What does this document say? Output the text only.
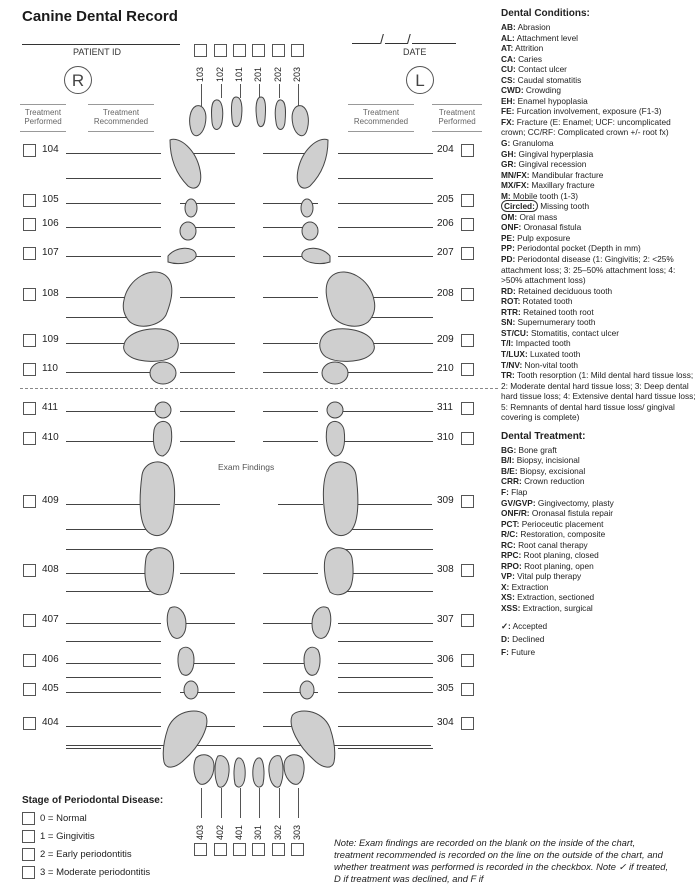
Canine Dental Record
PATIENT ID
/ /
DATE
R	L
Treatment
Performed
Treatment
Recommended
Treatment
Recommended
Treatment
Performed
103 102 101 201 202 203
403 402 401 301 302 303
104	204
105	205
106	206
107	207
108	208
109	209
110	210
411	311
410	310
409	309
408	308
407	307
406	306
405	305
404	304
Exam Findings
Stage of Periodontal Disease:
0 = Normal
1 = Gingivitis
2 = Early periodontitis
3 = Moderate periodontitis
Dental Conditions:
AB: Abrasion
AL: Attachment level
AT: Attrition
CA: Caries
CU: Contact ulcer
CS: Caudal stomatitis
CWD: Crowding
EH: Enamel hypoplasia
FE: Furcation involvement, exposure (F1-3)
FX: Fracture (E: Enamel; UCF: uncomplicated crown; CC/RF: Complicated crown +/- root fx)
G: Granuloma
GH: Gingival hyperplasia
GR: Gingival recession
MN/FX: Mandibular fracture
MX/FX: Maxillary fracture
M: Mobile tooth (1-3)
Circled: Missing tooth
OM: Oral mass
ONF: Oronasal fistula
PE: Pulp exposure
PP: Periodontal pocket (Depth in mm)
PD: Periodontal disease (1: Gingivitis; 2: <25% attachment loss; 3: 25–50% attachment loss; 4: >50% attachment loss)
RD: Retained deciduous tooth
ROT: Rotated tooth
RTR: Retained tooth root
SN: Supernumerary tooth
ST/CU: Stomatitis, contact ulcer
T/I: Impacted tooth
T/LUX: Luxated tooth
T/NV: Non-vital tooth
TR: Tooth resorption (1: Mild dental hard tissue loss; 2: Moderate dental hard tissue loss; 3: Deep dental hard tissue loss; 4: Extensive dental hard tissue loss; 5: Remnants of dental hard tissue loss/ gingival covering is complete)
Dental Treatment:
BG: Bone graft
B/I: Biopsy, incisional
B/E: Biopsy, excisional
CRR: Crown reduction
F: Flap
GV/GVP: Gingivectomy, plasty
ONF/R: Oronasal fistula repair
PCT: Perioceutic placement
R/C: Restoration, composite
RC: Root canal therapy
RPC: Root planing, closed
RPO: Root planing, open
VP: Vital pulp therapy
X: Extraction
XS: Extraction, sectioned
XSS: Extraction, surgical
✓: Accepted
D: Declined
F: Future
Note: Exam findings are recorded on the blank on the inside of the chart, treatment recommended is recorded on the line on the outside of the chart, and whether treatment was performed is recorded in the checkbox. Note ✓ if treated, D if treatment was declined, and F if
